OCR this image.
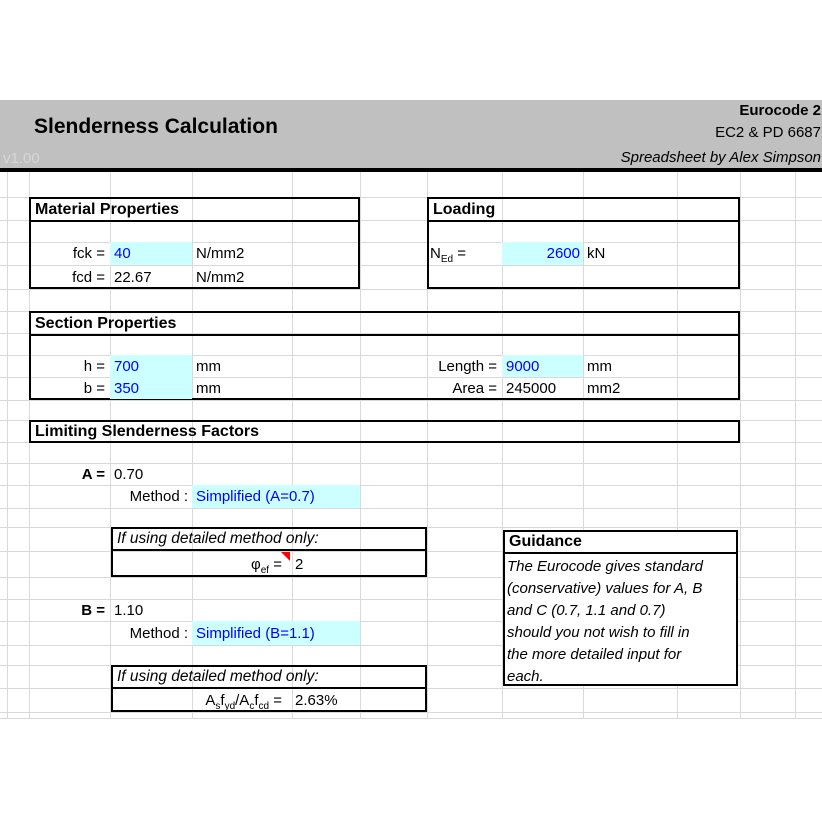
Slenderness Calculation
v1.00
Eurocode 2
EC2 & PD 6687
Spreadsheet by Alex Simpson
Material Properties
fck = 40	N/mm2
fcd = 22.67	N/mm2
Loading
$N_{Ed}$ =	2600 kN
Section Properties
h = 700	mm
b = 350	mm
Length = 9000	mm
Area = 245000	mm2
Limiting Slenderness Factors
A = 0.70
Method : Simplified (A=0.7)
If using detailed method only:
$\varphi_{ef} = 2$
B = 1.10
Method : Simplified (B=1.1)
If using detailed method only:
$A_sf_{yd}/A_cf_{cd} = 2.63\%$
Guidance
The Eurocode gives standard
(conservative) values for A, B
and C (0.7, 1.1 and 0.7)
should you not wish to fill in
the more detailed input for
each.
